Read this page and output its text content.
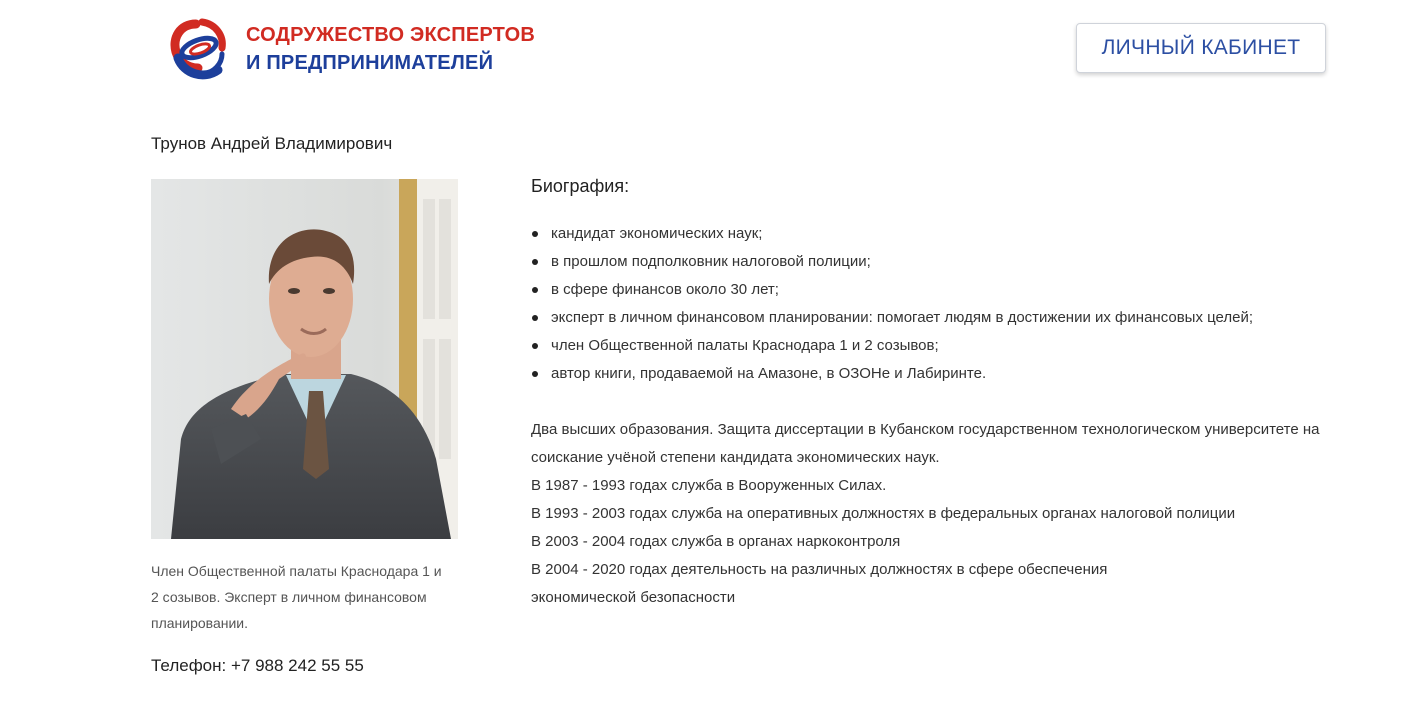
СОДРУЖЕСТВО ЭКСПЕРТОВ
И ПРЕДПРИНИМАТЕЛЕЙ
ЛИЧНЫЙ КАБИНЕТ
Трунов Андрей Владимирович
Член Общественной палаты Краснодара 1 и 2 созывов. Эксперт в личном финансовом планировании.
Телефон: +7 988 242 55 55
Биография:
кандидат экономических наук;
в прошлом подполковник налоговой полиции;
в сфере финансов около 30 лет;
эксперт в личном финансовом планировании: помогает людям в достижении их финансовых целей;
член Общественной палаты Краснодара 1 и 2 созывов;
автор книги, продаваемой на Амазоне, в ОЗОНе и Лабиринте.
Два высших образования. Защита диссертации в Кубанском государственном технологическом университете на соискание учёной степени кандидата экономических наук.
В 1987 - 1993 годах служба в Вооруженных Силах.
В 1993 - 2003 годах служба на оперативных должностях в федеральных органах налоговой полиции
В 2003 - 2004 годах служба в органах наркоконтроля
В 2004 - 2020 годах деятельность на различных должностях в сфере обеспечения экономической безопасности
